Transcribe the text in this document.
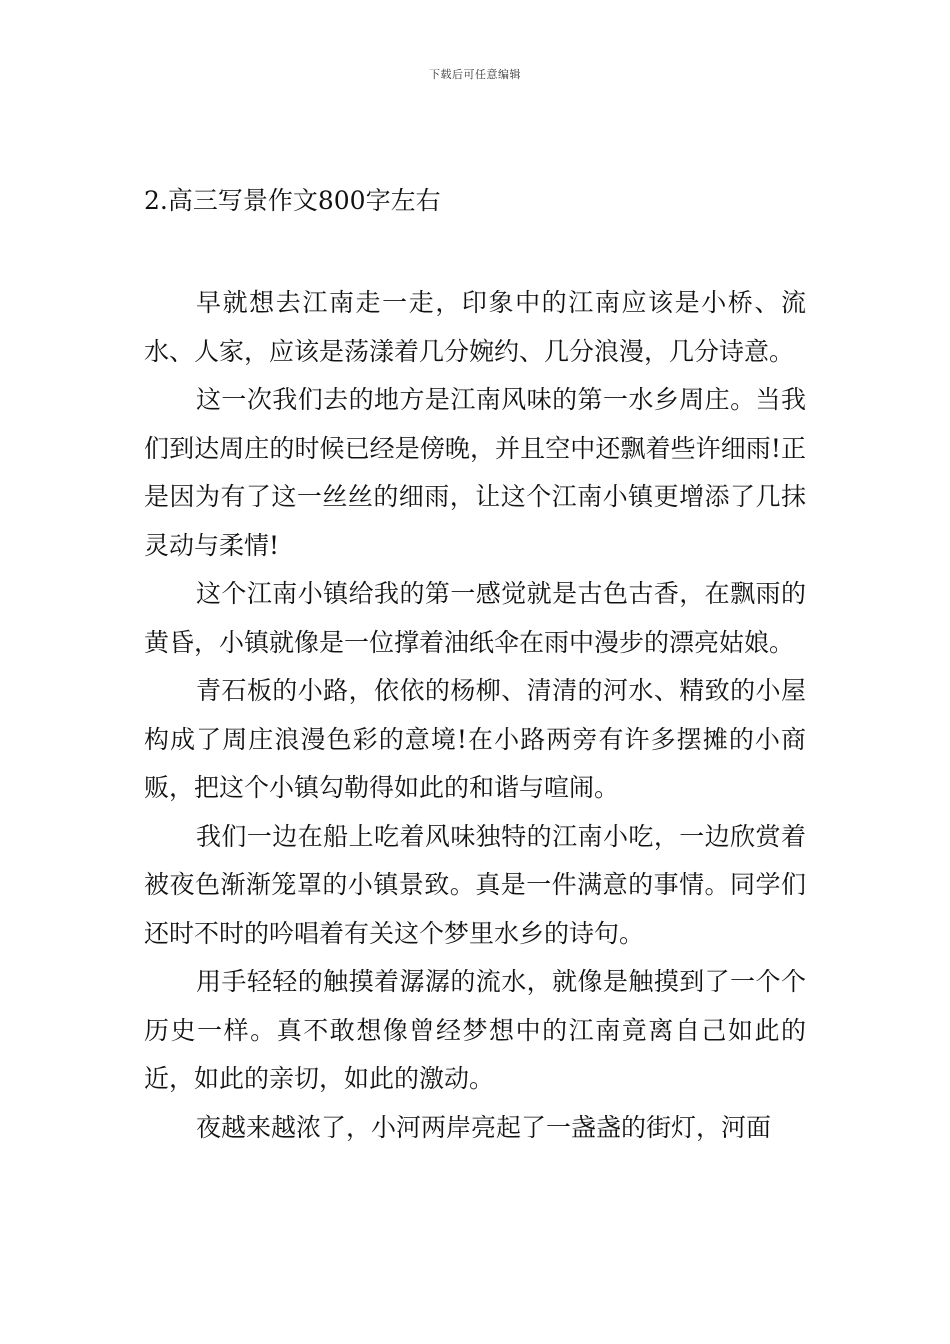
下载后可任意编辑
2.高三写景作文800字左右

早就想去江南走一走，印象中的江南应该是小桥、流水、人家，应该是荡漾着几分婉约、几分浪漫，几分诗意。

这一次我们去的地方是江南风味的第一水乡周庄。当我们到达周庄的时候已经是傍晚，并且空中还飘着些许细雨!正是因为有了这一丝丝的细雨，让这个江南小镇更增添了几抹灵动与柔情!

这个江南小镇给我的第一感觉就是古色古香，在飘雨的黄昏，小镇就像是一位撑着油纸伞在雨中漫步的漂亮姑娘。

青石板的小路，依依的杨柳、清清的河水、精致的小屋构成了周庄浪漫色彩的意境!在小路两旁有许多摆摊的小商贩，把这个小镇勾勒得如此的和谐与喧闹。

我们一边在船上吃着风味独特的江南小吃，一边欣赏着被夜色渐渐笼罩的小镇景致。真是一件满意的事情。同学们还时不时的吟唱着有关这个梦里水乡的诗句。

用手轻轻的触摸着潺潺的流水，就像是触摸到了一个个历史一样。真不敢想像曾经梦想中的江南竟离自己如此的近，如此的亲切，如此的激动。

夜越来越浓了，小河两岸亮起了一盏盏的街灯，河面
